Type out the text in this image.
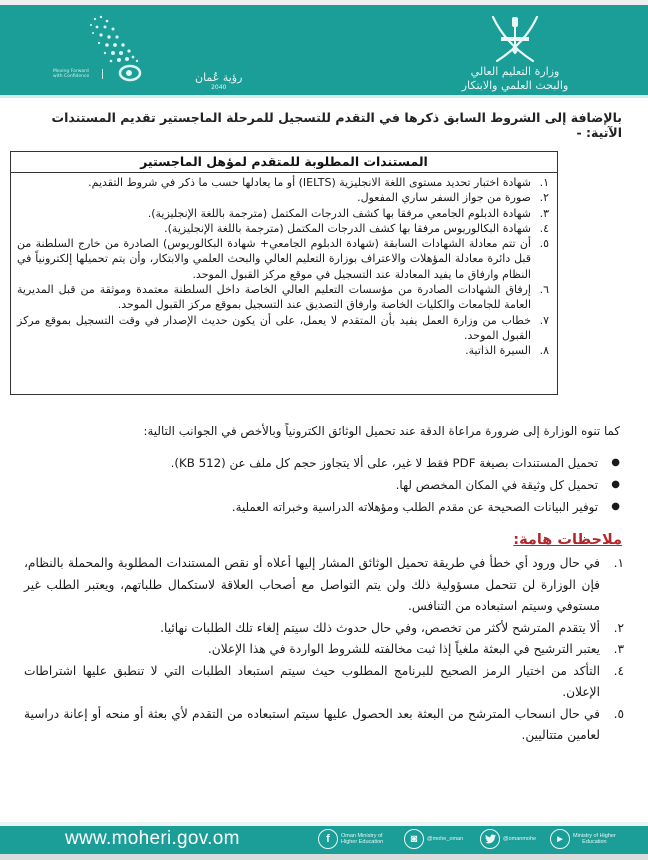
رؤية عُمان
2040
Moving Forward with Confidence	وزارة التعليم العالي
والبحث العلمي والابتكار

بالإضافة إلى الشروط السابق ذكرها في التقدم للتسجيل للمرحلة الماجستير تقديم المستندات الآتية: -

المستندات المطلوبة للمتقدم لمؤهل الماجستير
١.
شهادة اختبار تحديد مستوى اللغة الانجليزية (IELTS) أو ما يعادلها حسب ما ذكر في شروط التقديم.
٢.
صورة من جواز السفر ساري المفعول.
٣.
شهادة الدبلوم الجامعي مرفقا بها كشف الدرجات المكتمل (مترجمة باللغة الإنجليزية).
٤.
شهادة البكالوريوس مرفقا بها كشف الدرجات المكتمل (مترجمة باللغة الإنجليزية).
٥.
أن تتم معادلة الشهادات السابقة (شهادة الدبلوم الجامعي+ شهادة البكالوريوس) الصادرة من خارج السلطنة من قبل دائرة معادلة المؤهلات والاعتراف بوزارة التعليم العالي والبحث العلمي والابتكار، وأن يتم تحميلها إلكترونياً في النظام وارفاق ما يفيد المعادلة عند التسجيل في موقع مركز القبول الموحد.
٦.
إرفاق الشهادات الصادرة من مؤسسات التعليم العالي الخاصة داخل السلطنة معتمدة وموثقة من قبل المديرية العامة للجامعات والكليات الخاصة وارفاق التصديق عند التسجيل بموقع مركز القبول الموحد.
٧.
خطاب من وزارة العمل يفيد بأن المتقدم لا يعمل، على أن يكون حديث الإصدار في وقت التسجيل بموقع مركز القبول الموحد.
٨.
السيرة الذاتية.

كما تنوه الوزارة إلى ضرورة مراعاة الدقة عند تحميل الوثائق الكترونياً وبالأخص في الجوانب التالية:

●
تحميل المستندات بصيغة PDF فقط لا غير، على ألا يتجاوز حجم كل ملف عن (512 KB).
●
تحميل كل وثيقة في المكان المخصص لها.
●
توفير البيانات الصحيحة عن مقدم الطلب ومؤهلاته الدراسية وخبراته العملية.
ملاحظات هامة:
١.
في حال ورود أي خطأ في طريقة تحميل الوثائق المشار إليها أعلاه أو نقص المستندات المطلوبة والمحملة بالنظام، فإن الوزارة لن تتحمل مسؤولية ذلك ولن يتم التواصل مع أصحاب العلاقة لاستكمال طلباتهم، ويعتبر الطلب غير مستوفي وسيتم استبعاده من التنافس.
٢.
ألا يتقدم المترشح لأكثر من تخصص، وفي حال حدوث ذلك سيتم إلغاء تلك الطلبات نهائيا.
٣.
يعتبر الترشيح في البعثة ملغياً إذا ثبت مخالفته للشروط الواردة في هذا الإعلان.
٤.
التأكد من اختيار الرمز الصحيح للبرنامج المطلوب حيث سيتم استبعاد الطلبات التي لا تنطبق عليها اشتراطات الإعلان.
٥.
في حال انسحاب المترشح من البعثة بعد الحصول عليها سيتم استبعاده من التقدم لأي بعثة أو منحه أو إعانة دراسية لعامين متتاليين.
www.moheri.gov.om	f	Oman Ministry of
Higher Education	◙	@mohe_oman	@omanmohe	▶	Ministry of Higher
Education
